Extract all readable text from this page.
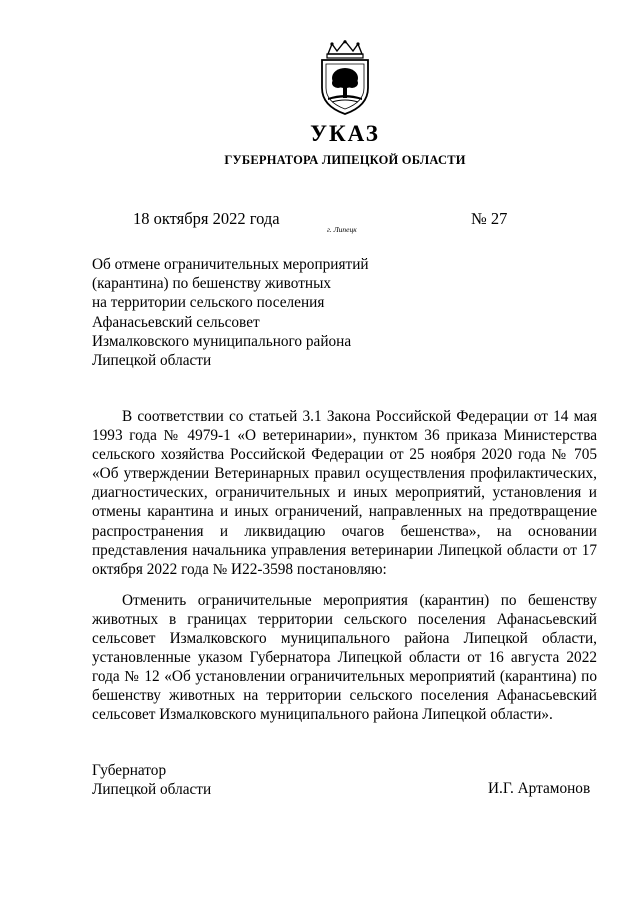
УКАЗ
ГУБЕРНАТОРА ЛИПЕЦКОЙ ОБЛАСТИ
18 октября 2022 года
г. Липецк
№ 27
Об отмене ограничительных мероприятий
(карантина) по бешенству животных
на территории сельского поселения
Афанасьевский сельсовет
Измалковского муниципального района
Липецкой области

В соответствии со статьей 3.1 Закона Российской Федерации от 14 мая 1993 года № 4979-1 «О ветеринарии», пунктом 36 приказа Министерства сельского хозяйства Российской Федерации от 25 ноября 2020 года № 705 «Об утверждении Ветеринарных правил осуществления профилактических, диагностических, ограничительных и иных мероприятий, установления и отмены карантина и иных ограничений, направленных на предотвращение распространения и ликвидацию очагов бешенства», на основании представления начальника управления ветеринарии Липецкой области от 17 октября 2022 года № И22-3598 постановляю:

Отменить ограничительные мероприятия (карантин) по бешенству животных в границах территории сельского поселения Афанасьевский сельсовет Измалковского муниципального района Липецкой области, установленные указом Губернатора Липецкой области от 16 августа 2022 года № 12 «Об установлении ограничительных мероприятий (карантина) по бешенству животных на территории сельского поселения Афанасьевский сельсовет Измалковского муниципального района Липецкой области».

Губернатор
Липецкой области	И.Г. Артамонов
